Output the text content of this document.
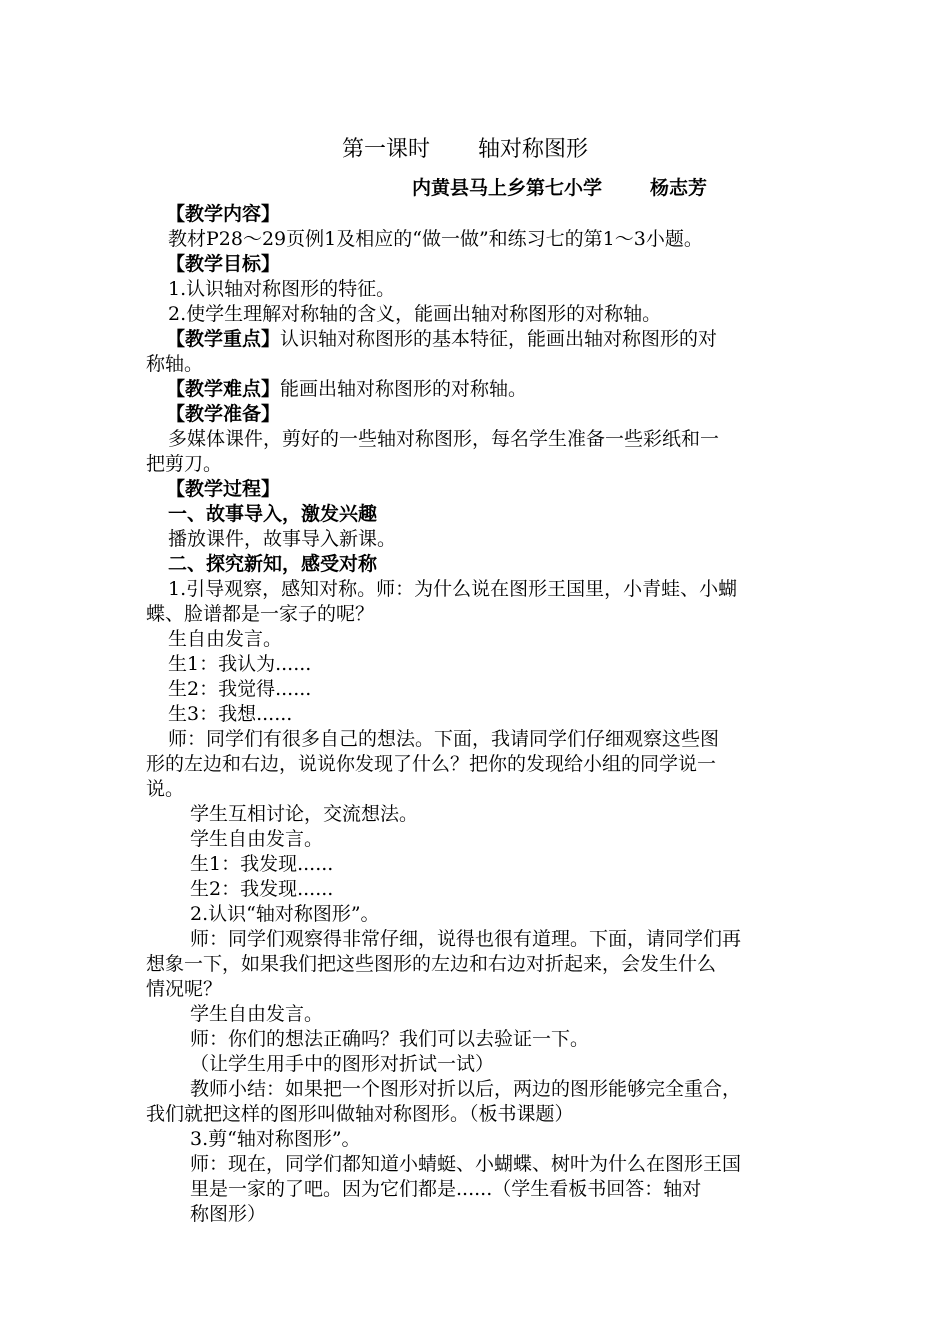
第一课时 轴对称图形
内黄县马上乡第七小学	杨志芳
【教学内容】
教材P28～29页例1及相应的“做一做”和练习七的第1～3小题。
【教学目标】
1.认识轴对称图形的特征。
2.使学生理解对称轴的含义，能画出轴对称图形的对称轴。
【教学重点】认识轴对称图形的基本特征，能画出轴对称图形的对
称轴。
【教学难点】能画出轴对称图形的对称轴。
【教学准备】
多媒体课件，剪好的一些轴对称图形，每名学生准备一些彩纸和一
把剪刀。
【教学过程】
一、故事导入，激发兴趣
播放课件，故事导入新课。
二、探究新知，感受对称
1.引导观察，感知对称。师：为什么说在图形王国里，小青蛙、小蝴
蝶、脸谱都是一家子的呢？
生自由发言。
生1：我认为......
生2：我觉得......
生3：我想......
师：同学们有很多自己的想法。下面，我请同学们仔细观察这些图
形的左边和右边，说说你发现了什么？把你的发现给小组的同学说一
说。
学生互相讨论，交流想法。
学生自由发言。
生1：我发现......
生2：我发现......
2.认识“轴对称图形”。
师：同学们观察得非常仔细，说得也很有道理。下面，请同学们再
想象一下，如果我们把这些图形的左边和右边对折起来，会发生什么
情况呢？
学生自由发言。
师：你们的想法正确吗？我们可以去验证一下。
（让学生用手中的图形对折试一试）
教师小结：如果把一个图形对折以后，两边的图形能够完全重合，
我们就把这样的图形叫做轴对称图形。（板书课题）
3.剪“轴对称图形”。
师：现在，同学们都知道小蜻蜓、小蝴蝶、树叶为什么在图形王国
里是一家的了吧。因为它们都是......（学生看板书回答：轴对
称图形）
